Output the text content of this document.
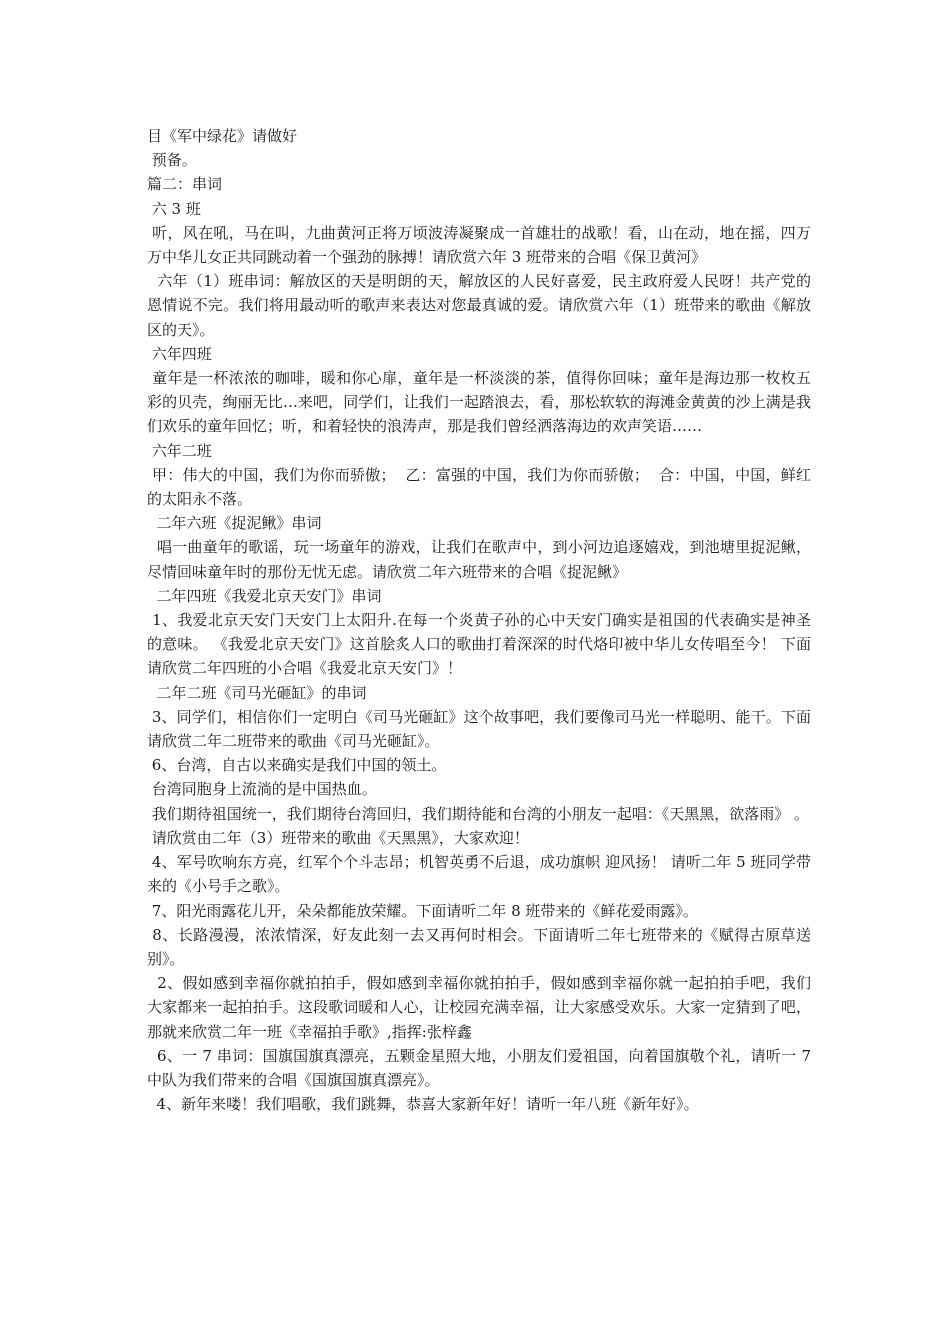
目《军中绿花》请做好

预备。

篇二：串词

六 3 班

听，风在吼，马在叫，九曲黄河正将万顷波涛凝聚成一首雄壮的战歌！看，山在动，地在摇，四万万中华儿女正共同跳动着一个强劲的脉搏！请欣赏六年 3 班带来的合唱《保卫黄河》

六年（1）班串词：解放区的天是明朗的天，解放区的人民好喜爱，民主政府爱人民呀！共产党的恩情说不完。我们将用最动听的歌声来表达对您最真诚的爱。请欣赏六年（1）班带来的歌曲《解放区的天》。

六年四班

童年是一杯浓浓的咖啡，暖和你心扉，童年是一杯淡淡的茶，值得你回味；童年是海边那一枚枚五彩的贝壳，绚丽无比…来吧，同学们，让我们一起踏浪去，看，那松软软的海滩金黄黄的沙上满是我们欢乐的童年回忆；听，和着轻快的浪涛声，那是我们曾经洒落海边的欢声笑语……

六年二班

甲：伟大的中国，我们为你而骄傲；  乙：富强的中国，我们为你而骄傲；  合：中国，中国，鲜红的太阳永不落。

二年六班《捉泥鳅》串词

唱一曲童年的歌谣，玩一场童年的游戏，让我们在歌声中，到小河边追逐嬉戏，到池塘里捉泥鳅，尽情回味童年时的那份无忧无虑。请欣赏二年六班带来的合唱《捉泥鳅》

二年四班《我爱北京天安门》串词

1、我爱北京天安门天安门上太阳升.在每一个炎黄子孙的心中天安门确实是祖国的代表确实是神圣的意味。 《我爱北京天安门》这首脍炙人口的歌曲打着深深的时代烙印被中华儿女传唱至今！ 下面请欣赏二年四班的小合唱《我爱北京天安门》！

二年二班《司马光砸缸》的串词

3、同学们，相信你们一定明白《司马光砸缸》这个故事吧，我们要像司马光一样聪明、能干。下面请欣赏二年二班带来的歌曲《司马光砸缸》。

6、台湾，自古以来确实是我们中国的领土。

台湾同胞身上流淌的是中国热血。

我们期待祖国统一，我们期待台湾回归，我们期待能和台湾的小朋友一起唱：《天黑黑，欲落雨》 。

请欣赏由二年（3）班带来的歌曲《天黑黑》，大家欢迎！

4、军号吹响东方亮，红军个个斗志昂；机智英勇不后退，成功旗帜 迎风扬！ 请听二年 5 班同学带来的《小号手之歌》。

7、阳光雨露花儿开，朵朵都能放荣耀。下面请听二年 8 班带来的《鲜花爱雨露》。

8、长路漫漫，浓浓情深，好友此刻一去又再何时相会。下面请听二年七班带来的《赋得古原草送别》。

2、假如感到幸福你就拍拍手，假如感到幸福你就拍拍手，假如感到幸福你就一起拍拍手吧，我们大家都来一起拍拍手。这段歌词暖和人心，让校园充满幸福，让大家感受欢乐。大家一定猜到了吧，那就来欣赏二年一班《幸福拍手歌》,指挥:张梓鑫

6、一 7 串词：国旗国旗真漂亮，五颗金星照大地，小朋友们爱祖国，向着国旗敬个礼，请听一 7 中队为我们带来的合唱《国旗国旗真漂亮》。

4、新年来喽！我们唱歌，我们跳舞，恭喜大家新年好！请听一年八班《新年好》。
